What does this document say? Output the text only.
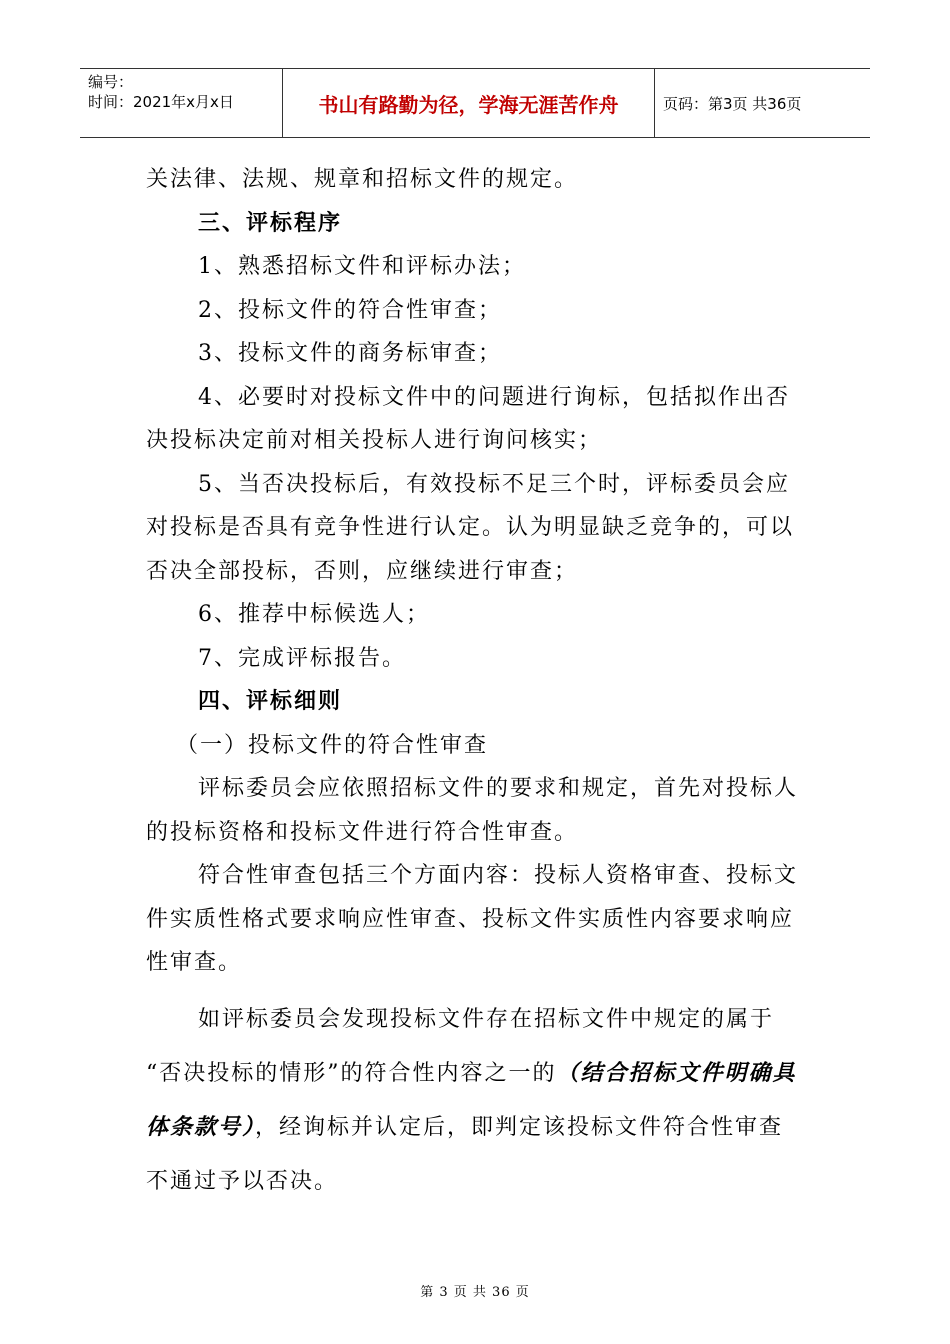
编号：
时间：2021年x月x日	书山有路勤为径，学海无涯苦作舟	页码：第3页 共36页

关法律、法规、规章和招标文件的规定。

三、评标程序

1、熟悉招标文件和评标办法；

2、投标文件的符合性审查；

3、投标文件的商务标审查；

4、必要时对投标文件中的问题进行询标，包括拟作出否决投标决定前对相关投标人进行询问核实；

5、当否决投标后，有效投标不足三个时，评标委员会应对投标是否具有竞争性进行认定。认为明显缺乏竞争的，可以否决全部投标，否则，应继续进行审查；

6、推荐中标候选人；

7、完成评标报告。

四、评标细则

（一）投标文件的符合性审查

评标委员会应依照招标文件的要求和规定，首先对投标人的投标资格和投标文件进行符合性审查。

符合性审查包括三个方面内容：投标人资格审查、投标文件实质性格式要求响应性审查、投标文件实质性内容要求响应性审查。

如评标委员会发现投标文件存在招标文件中规定的属于 “否决投标的情形”的符合性内容之一的（结合招标文件明确具体条款号），经询标并认定后，即判定该投标文件符合性审查不通过予以否决。

第 3 页 共 36 页
